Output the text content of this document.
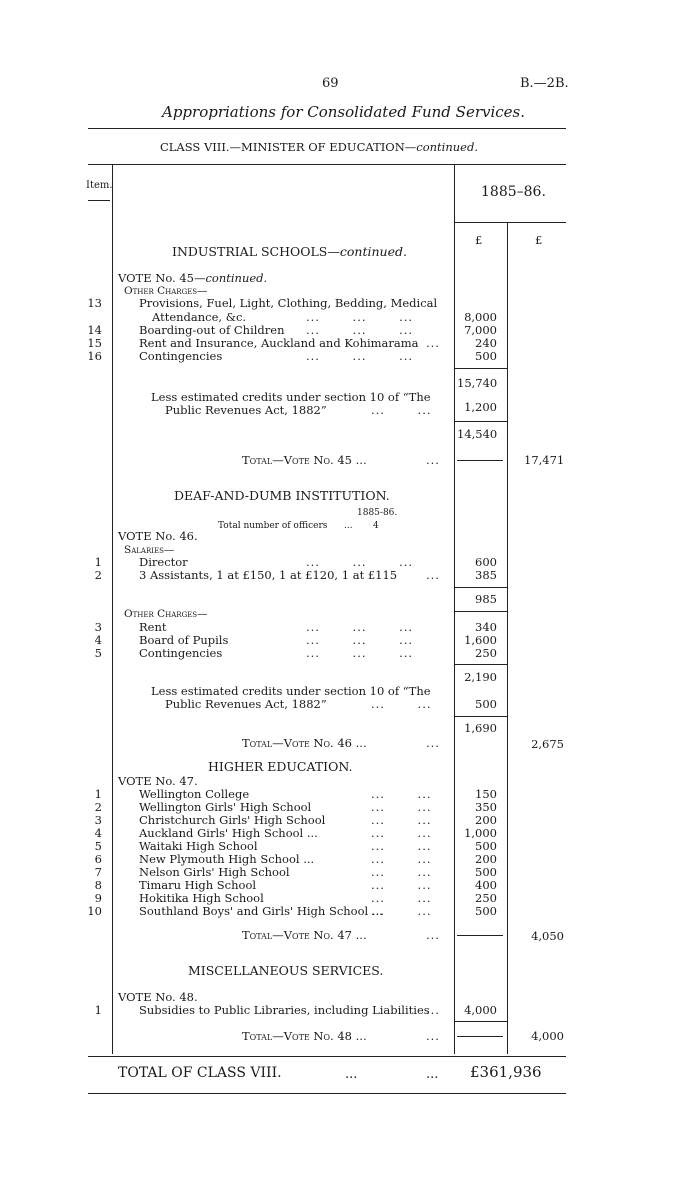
69	B.—2B.
Appropriations for Consolidated Fund Services.
CLASS VIII.—MINISTER OF EDUCATION—continued.
Item.	1885–86.
£	£
INDUSTRIAL SCHOOLS—continued.
VOTE No. 45—continued.
Other Charges—
13	Provisions, Fuel, Light, Clothing, Bedding, Medical
Attendance, &c.	...       ...       ...	8,000
14	Boarding-out of Children ...       ...       ...	7,000
15	Rent and Insurance, Auckland and Kohimarama ...	240
16	Contingencies	...       ...       ...	500
15,740
Less estimated credits under section 10 of “The
Public Revenues Act, 1882”	...       ...	1,200
14,540
Total—Vote No. 45 ...	...	17,471
DEAF-AND-DUMB INSTITUTION.
1885-86.
Total number of officers ... 4
VOTE No. 46.
Salaries—
1	Director	...       ...       ...	600
2	3 Assistants, 1 at £150, 1 at £120, 1 at £115	...	385
985
Other Charges—
3	Rent	...       ...       ...	340
4	Board of Pupils	...       ...       ...	1,600
5	Contingencies	...       ...       ...	250
2,190
Less estimated credits under section 10 of “The
Public Revenues Act, 1882”	...       ...	500
1,690
Total—Vote No. 46 ...	...	2,675
HIGHER EDUCATION.
VOTE No. 47.
1	Wellington College	...       ...	150
2	Wellington Girls' High School	...       ...	350
3	Christchurch Girls' High School	...       ...	200
4	Auckland Girls' High School ...	...       ...	1,000
5	Waitaki High School	...       ...	500
6	New Plymouth High School ...	...       ...	200
7	Nelson Girls' High School	...       ...	500
8	Timaru High School	...       ...	400
9	Hokitika High School	...       ...	250
10	Southland Boys' and Girls' High School ...
...       ...	500
Total—Vote No. 47 ...	...	4,050
MISCELLANEOUS SERVICES.
VOTE No. 48.
1	Subsidies to Public Libraries, including Liabilities
...	4,000
Total—Vote No. 48 ...	...	4,000
TOTAL OF CLASS VIII.	...	... £361,936
